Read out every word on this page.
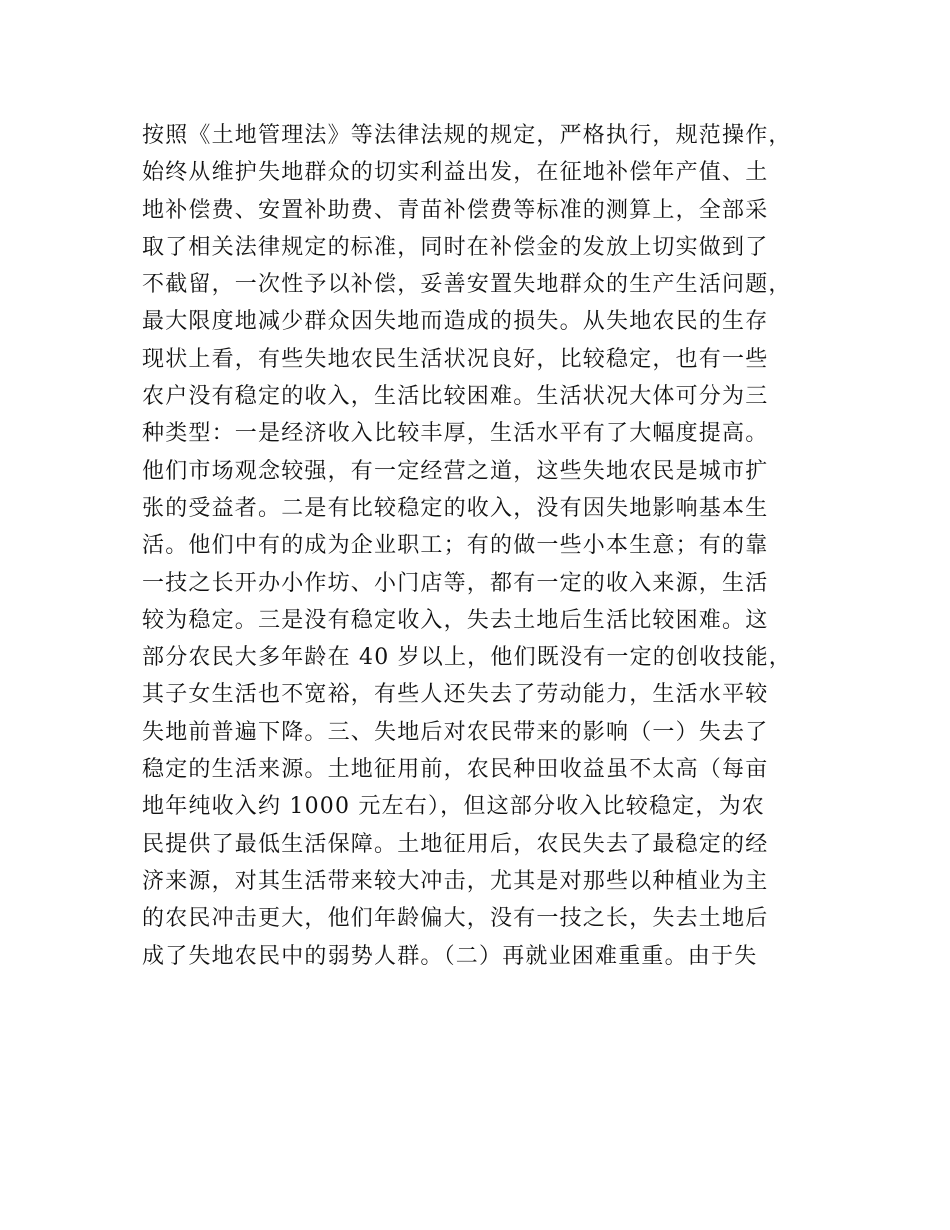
按照《土地管理法》等法律法规的规定，严格执行，规范操作，
始终从维护失地群众的切实利益出发，在征地补偿年产值、土
地补偿费、安置补助费、青苗补偿费等标准的测算上，全部采
取了相关法律规定的标准，同时在补偿金的发放上切实做到了
不截留，一次性予以补偿，妥善安置失地群众的生产生活问题，
最大限度地减少群众因失地而造成的损失。从失地农民的生存
现状上看，有些失地农民生活状况良好，比较稳定，也有一些
农户没有稳定的收入，生活比较困难。生活状况大体可分为三
种类型：一是经济收入比较丰厚，生活水平有了大幅度提高。
他们市场观念较强，有一定经营之道，这些失地农民是城市扩
张的受益者。二是有比较稳定的收入，没有因失地影响基本生
活。他们中有的成为企业职工；有的做一些小本生意；有的靠
一技之长开办小作坊、小门店等，都有一定的收入来源，生活
较为稳定。三是没有稳定收入，失去土地后生活比较困难。这
部分农民大多年龄在 40 岁以上，他们既没有一定的创收技能，
其子女生活也不宽裕，有些人还失去了劳动能力，生活水平较
失地前普遍下降。三、失地后对农民带来的影响（一）失去了
稳定的生活来源。土地征用前，农民种田收益虽不太高（每亩
地年纯收入约 1000 元左右），但这部分收入比较稳定，为农
民提供了最低生活保障。土地征用后，农民失去了最稳定的经
济来源，对其生活带来较大冲击，尤其是对那些以种植业为主
的农民冲击更大，他们年龄偏大，没有一技之长，失去土地后
成了失地农民中的弱势人群。（二）再就业困难重重。由于失
